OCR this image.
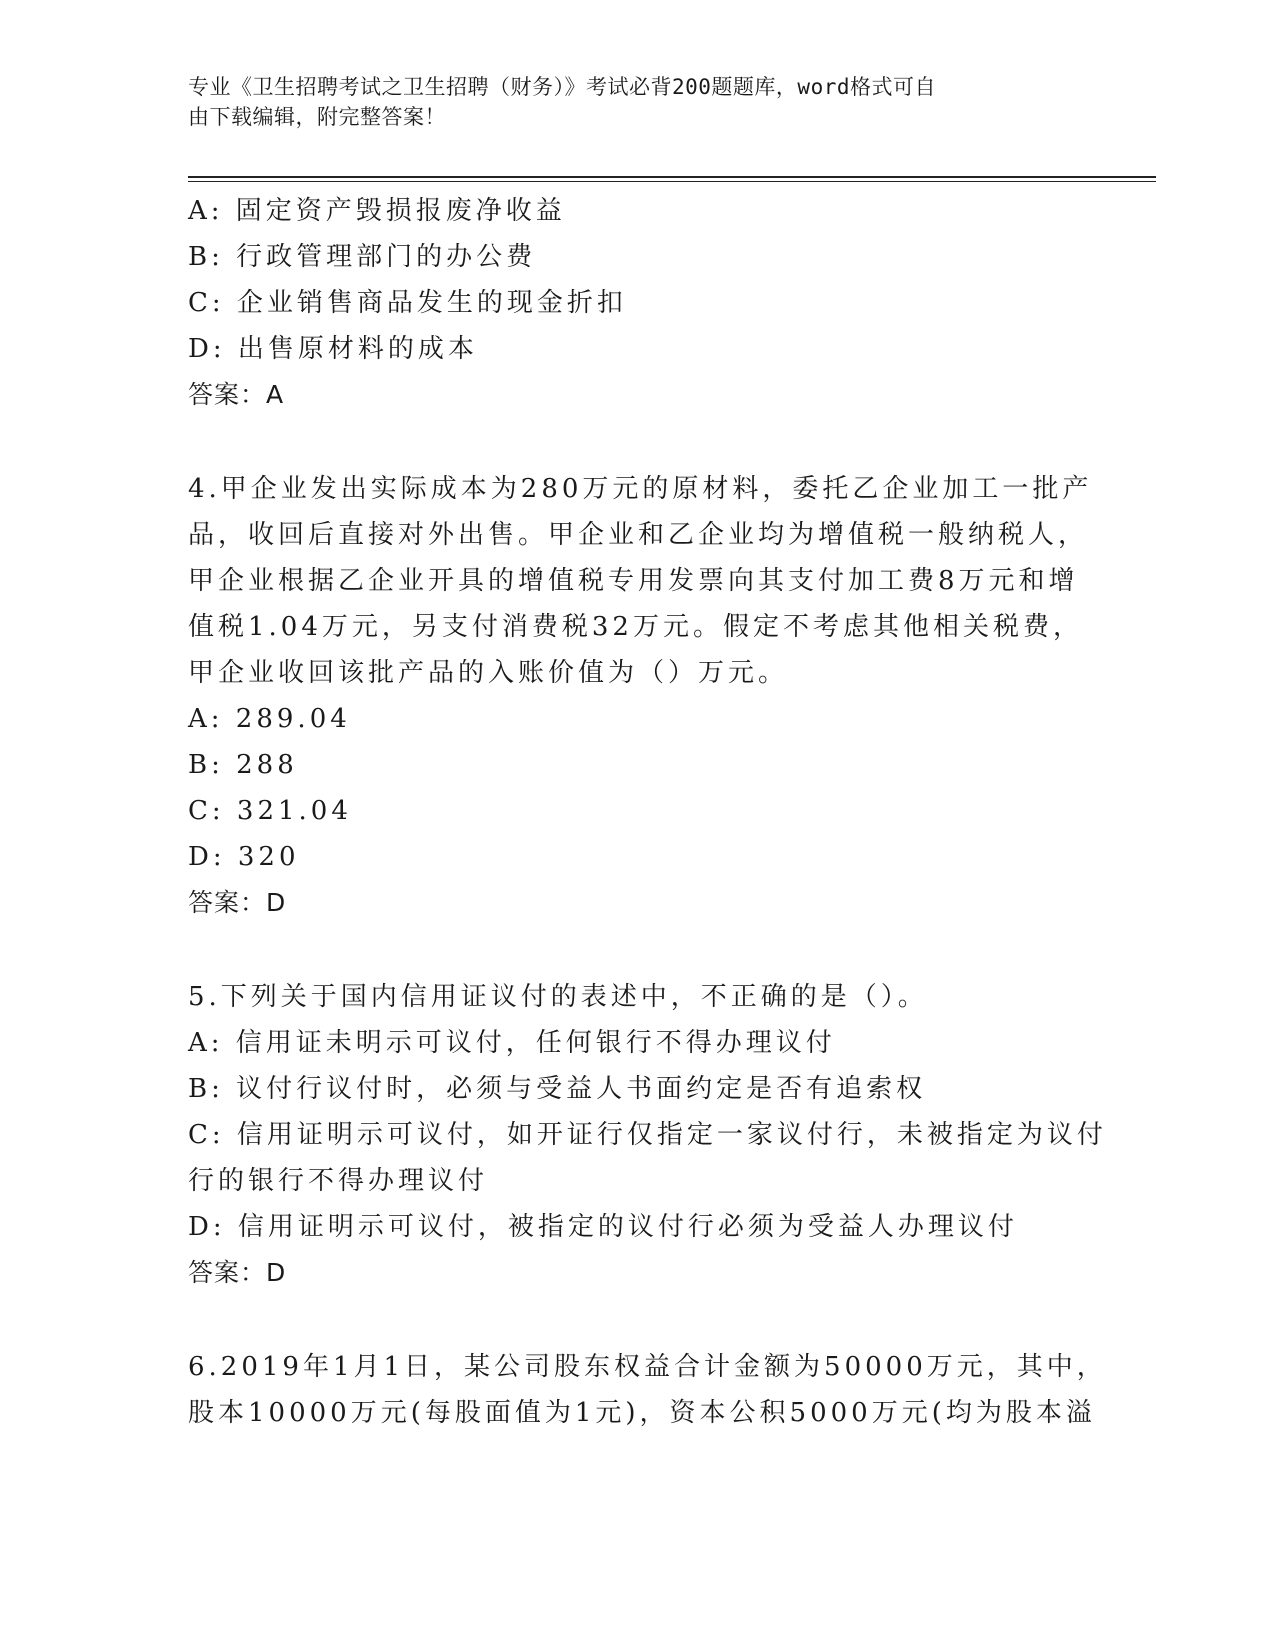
专业《卫生招聘考试之卫生招聘（财务）》考试必背200题题库，word格式可自
由下载编辑，附完整答案！
A: 固定资产毁损报废净收益
B: 行政管理部门的办公费
C: 企业销售商品发生的现金折扣
D: 出售原材料的成本
答案：A
4.甲企业发出实际成本为280万元的原材料，委托乙企业加工一批产
品，收回后直接对外出售。甲企业和乙企业均为增值税一般纳税人，
甲企业根据乙企业开具的增值税专用发票向其支付加工费8万元和增
值税1.04万元，另支付消费税32万元。假定不考虑其他相关税费，
甲企业收回该批产品的入账价值为（）万元。
A: 289.04
B: 288
C: 321.04
D: 320
答案：D
5.下列关于国内信用证议付的表述中，不正确的是（）。
A: 信用证未明示可议付，任何银行不得办理议付
B: 议付行议付时，必须与受益人书面约定是否有追索权
C: 信用证明示可议付，如开证行仅指定一家议付行，未被指定为议付
行的银行不得办理议付
D: 信用证明示可议付，被指定的议付行必须为受益人办理议付
答案：D
6.2019年1月1日，某公司股东权益合计金额为50000万元，其中，
股本10000万元(每股面值为1元)，资本公积5000万元(均为股本溢
